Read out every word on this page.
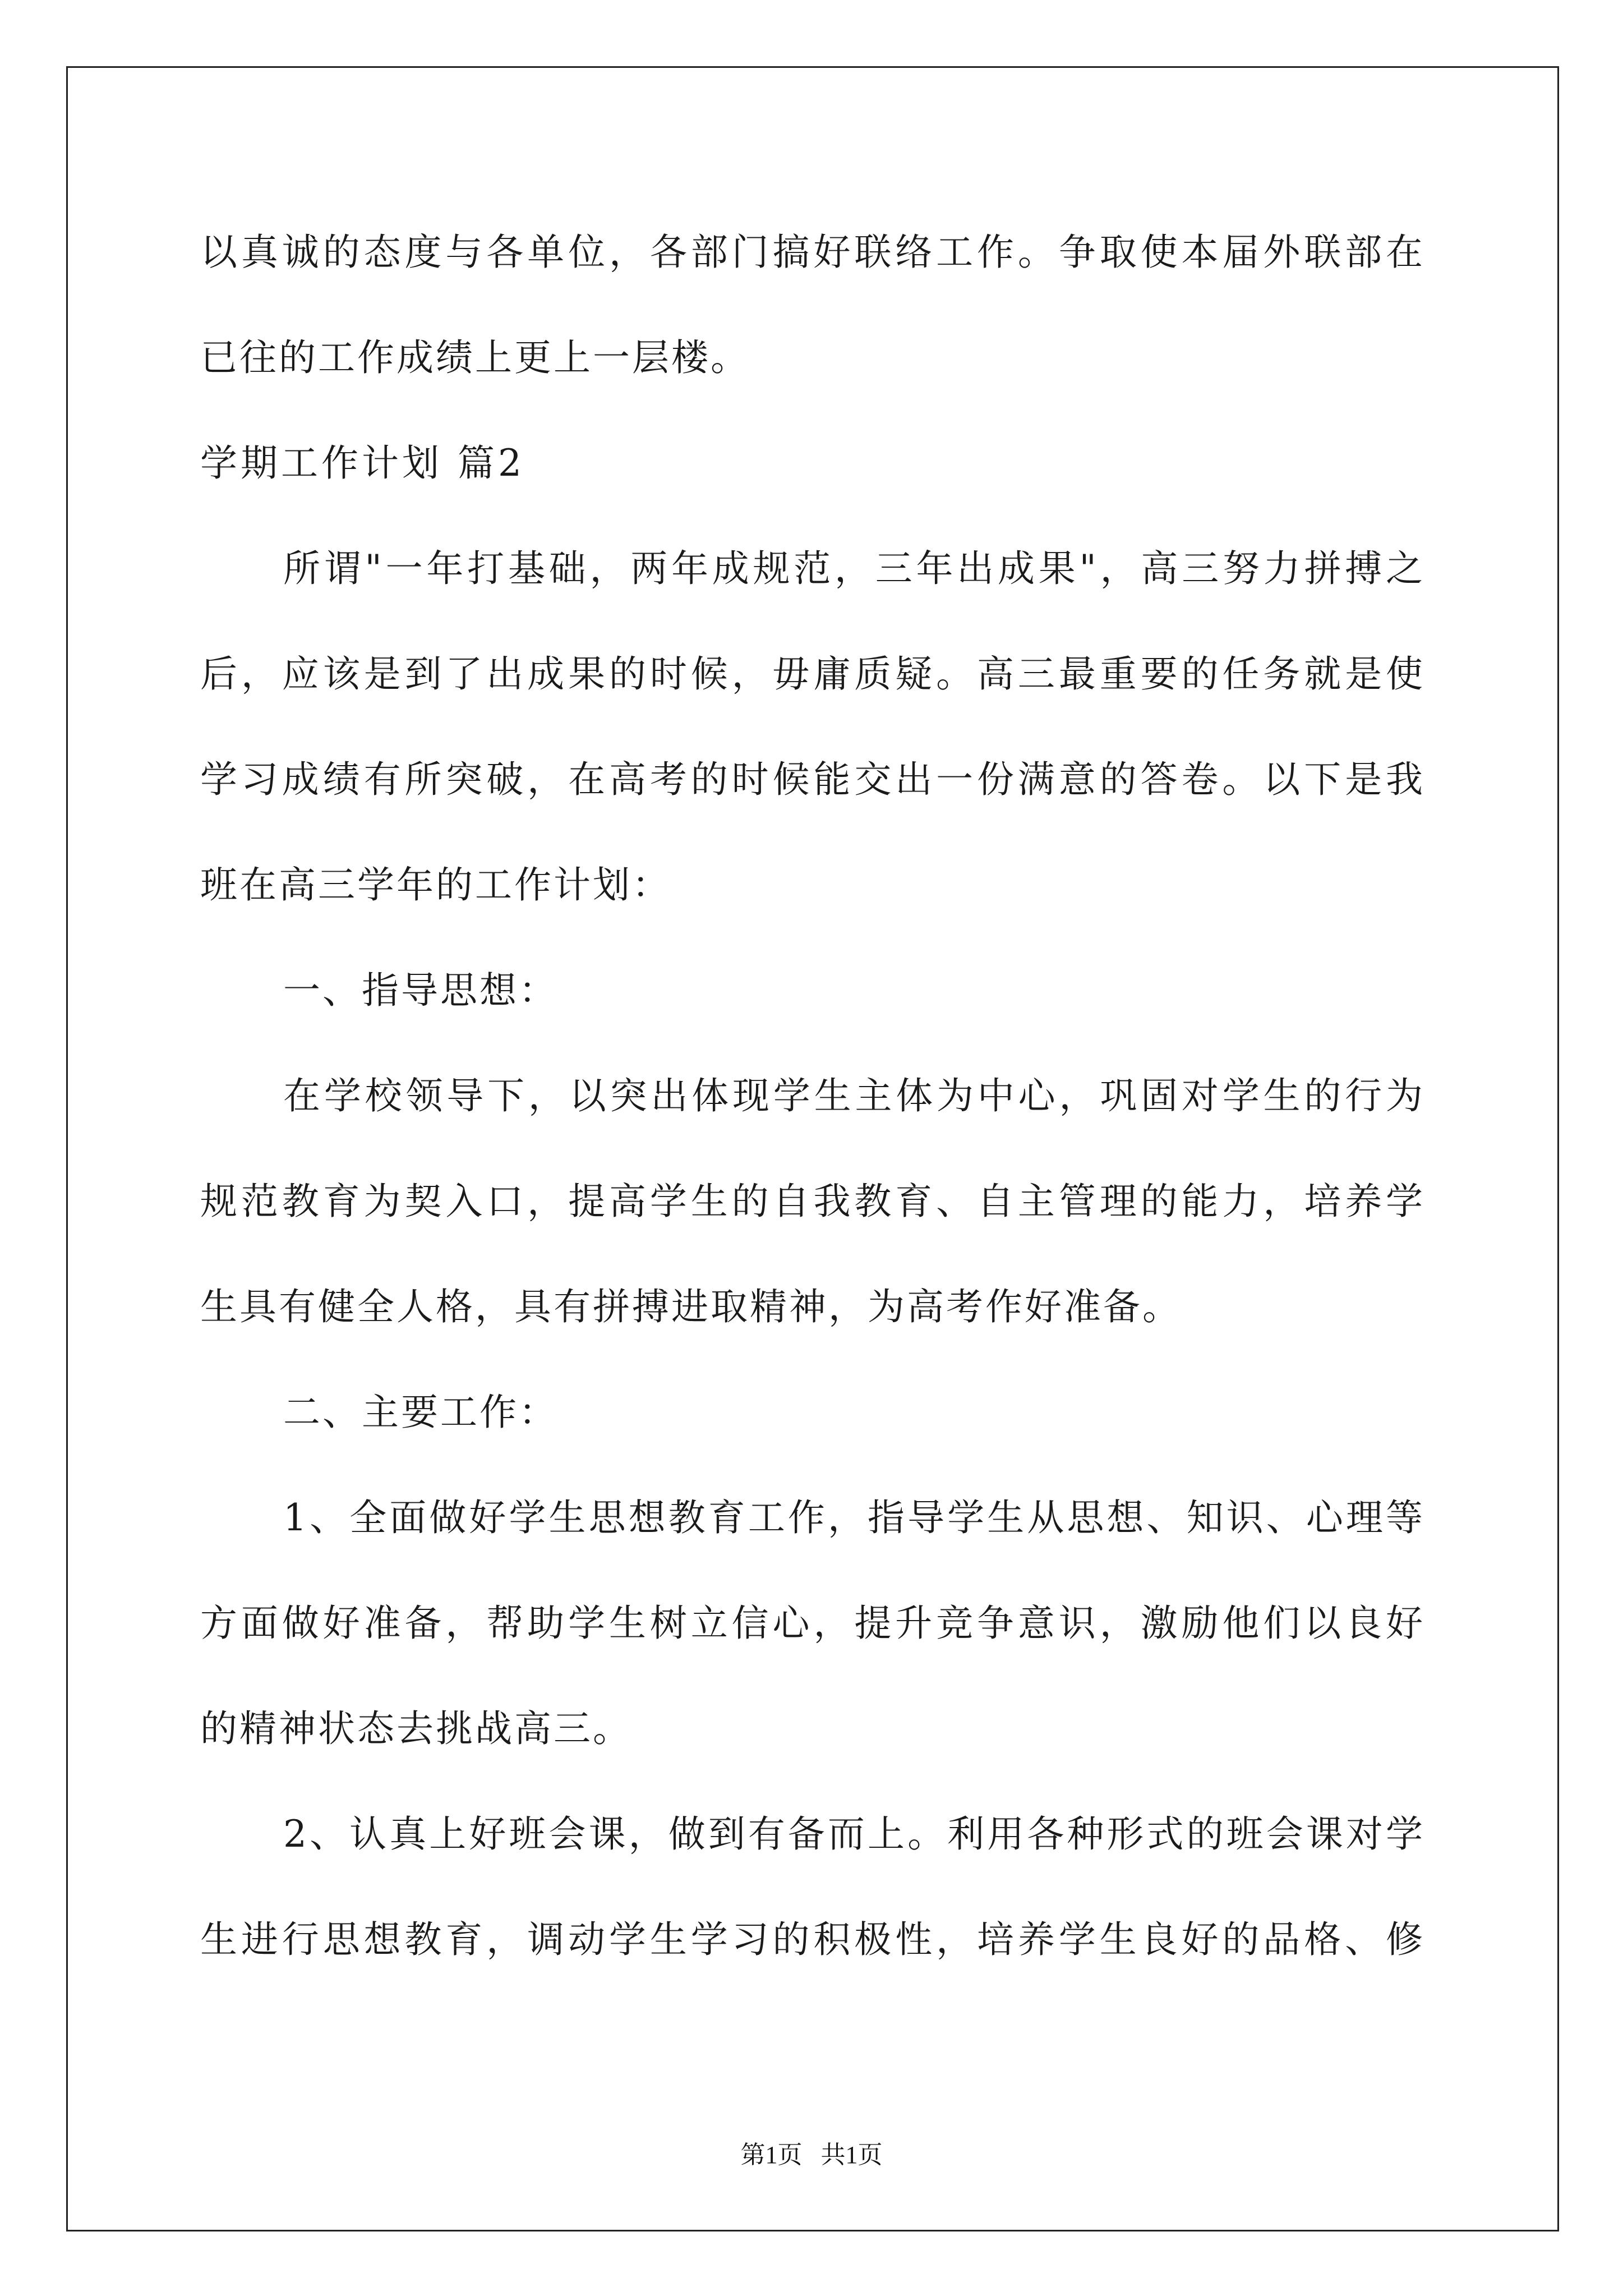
以真诚的态度与各单位，各部门搞好联络工作。争取使本届外联部在
已往的工作成绩上更上一层楼。
学期工作计划 篇2
所谓"一年打基础，两年成规范，三年出成果"，高三努力拼搏之
后，应该是到了出成果的时候，毋庸质疑。高三最重要的任务就是使
学习成绩有所突破，在高考的时候能交出一份满意的答卷。以下是我
班在高三学年的工作计划：
一、指导思想：
在学校领导下，以突出体现学生主体为中心，巩固对学生的行为
规范教育为契入口，提高学生的自我教育、自主管理的能力，培养学
生具有健全人格，具有拼搏进取精神，为高考作好准备。
二、主要工作：
1、全面做好学生思想教育工作，指导学生从思想、知识、心理等
方面做好准备，帮助学生树立信心，提升竞争意识，激励他们以良好
的精神状态去挑战高三。
2、认真上好班会课，做到有备而上。利用各种形式的班会课对学
生进行思想教育，调动学生学习的积极性，培养学生良好的品格、修
第1页   共1页
